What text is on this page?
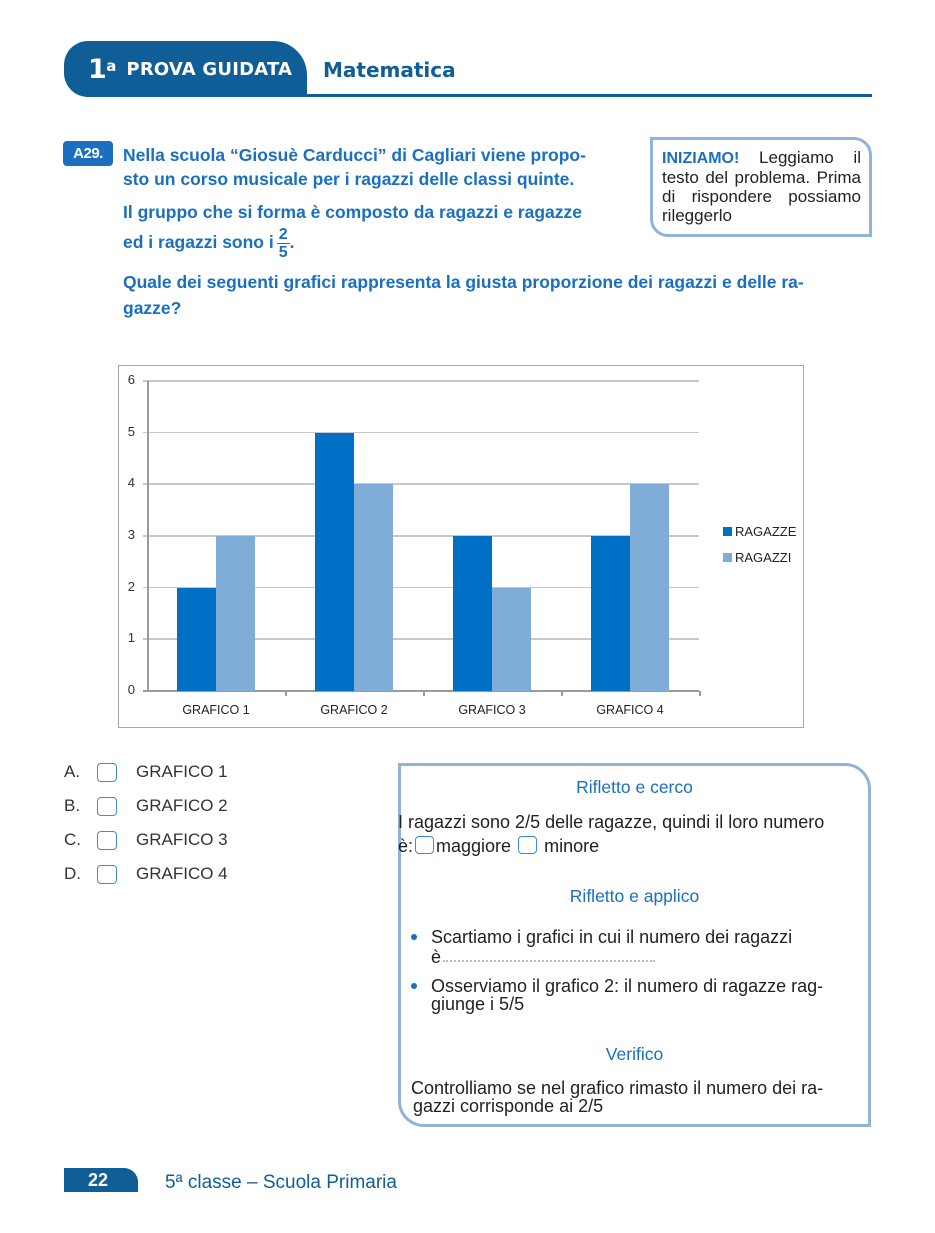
1 a PROVA GUIDATA Matematica
A29.	Nella scuola “Giosuè Carducci” di Cagliari viene propo-
sto un corso musicale per i ragazzi delle classi quinte.
Il gruppo che si forma è composto da ragazzi e ragazze
ed i ragazzi sono i $\frac{2}{5}$ .
Quale dei seguenti grafici rappresenta la giusta proporzione dei ragazzi e delle ra-
gazze?
INIZIAMO! Leggiamo il testo del problema. Prima di rispondere possiamo rileggerlo
0
1
2
3
4
5
6
GRAFICO 1	GRAFICO 2	GRAFICO 3	GRAFICO 4
RAGAZZE
RAGAZZI
A.	GRAFICO 1
B.	GRAFICO 2
C.	GRAFICO 3
D.	GRAFICO 4
Rifletto e cerco
I ragazzi sono 2/5 delle ragazze, quindi il loro numero
è: maggiore minore
Rifletto e applico
Scartiamo i grafici in cui il numero dei ragazzi
è
Osserviamo il grafico 2: il numero di ragazze rag-
giunge i 5/5
Verifico
Controlliamo se nel grafico rimasto il numero dei ra-
gazzi corrisponde ai 2/5
22	5ª classe – Scuola Primaria
